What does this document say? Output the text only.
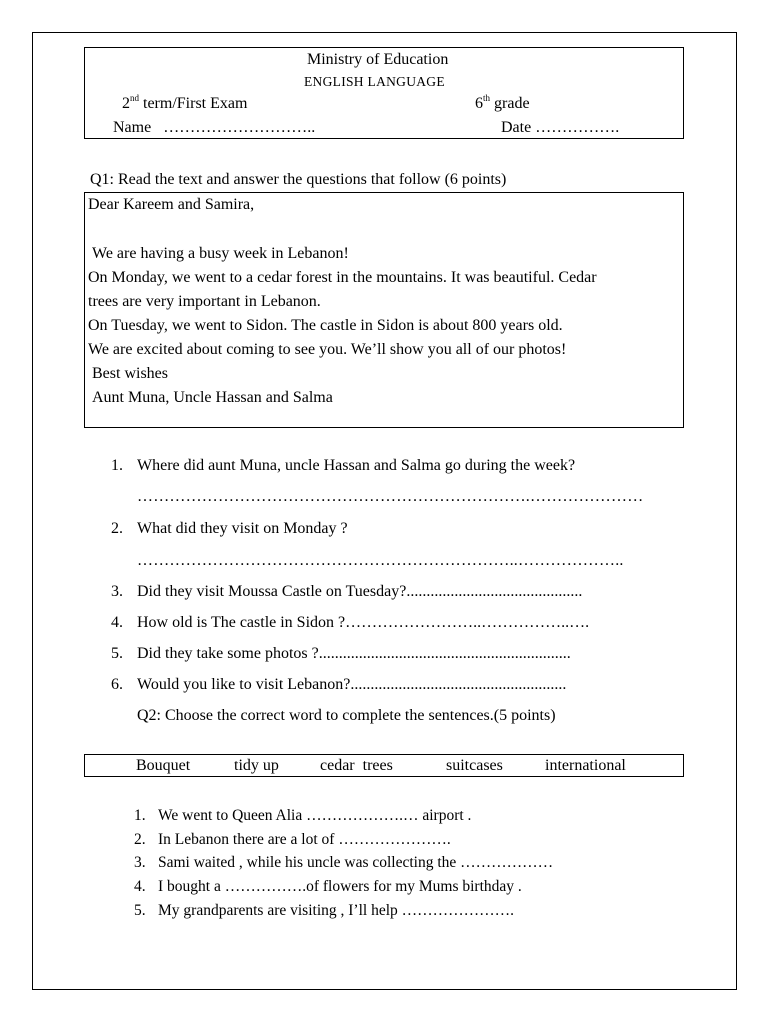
Ministry of Education
ENGLISH LANGUAGE
2nd term/First Exam	6th grade
Name ………………………..	Date …………….
Q1: Read the text and answer the questions that follow (6 points)
Dear Kareem and Samira,
We are having a busy week in Lebanon!
On Monday, we went to a cedar forest in the mountains. It was beautiful. Cedar
trees are very important in Lebanon.
On Tuesday, we went to Sidon. The castle in Sidon is about 800 years old.
We are excited about coming to see you. We’ll show you all of our photos!
Best wishes
Aunt Muna, Uncle Hassan and Salma
1. Where did aunt Muna, uncle Hassan and Salma go during the week?
……………………………………………………………….…………………
2. What did they visit on Monday ?
……………………………………………………………..………………..
3. Did they visit Moussa Castle on Tuesday?............................................
4. How old is The castle in Sidon ?……………………..……………..….
5. Did they take some photos ?...............................................................
6. Would you like to visit Lebanon?......................................................
Q2: Choose the correct word to complete the sentences.(5 points)
Bouquet	tidy up	cedar  trees	suitcases	international
1. We went to Queen Alia ……………….… airport .
2. In Lebanon there are a lot of ………………….
3. Sami waited , while his uncle was collecting the ………………
4. I bought a …………….of flowers for my Mums birthday .
5. My grandparents are visiting , I’ll help ………………….
